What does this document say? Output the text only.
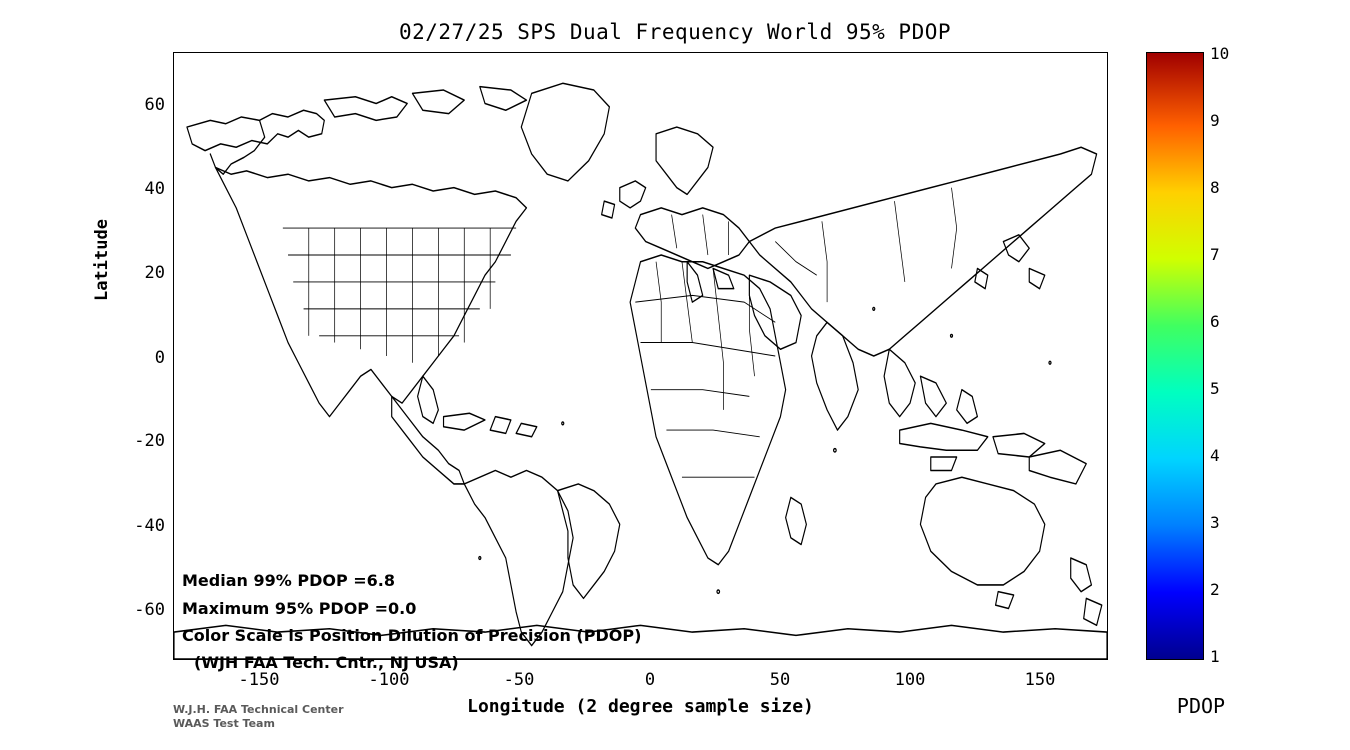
02/27/25 SPS Dual Frequency World 95% PDOP
Median 99% PDOP =6.8
Maximum 95% PDOP =0.0
Color Scale is Position Dilution of Precision (PDOP)
(WJH FAA Tech. Cntr., NJ USA)
60
40
20
0
-20
-40
-60
Latitude
-150	-100	-50	0	50	100	150
Longitude (2 degree sample size)
10
9
8
7
6
5
4
3
2
1
PDOP
W.J.H. FAA Technical Center
WAAS Test Team
